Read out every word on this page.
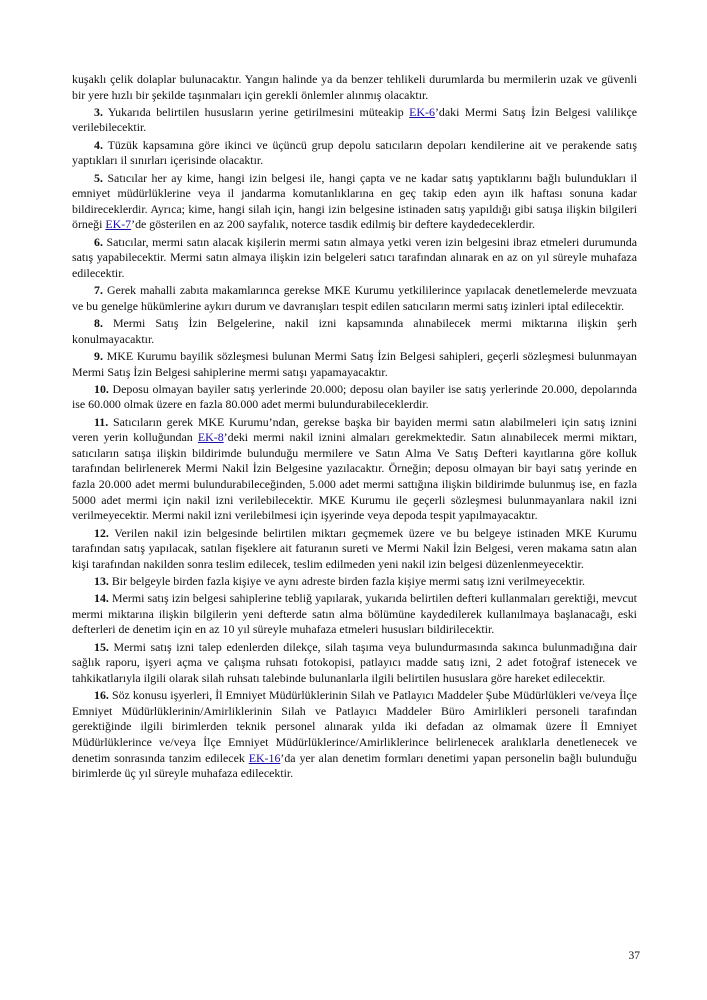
kuşaklı çelik dolaplar bulunacaktır. Yangın halinde ya da benzer tehlikeli durumlarda bu mermilerin uzak ve güvenli bir yere hızlı bir şekilde taşınmaları için gerekli önlemler alınmış olacaktır.

3. Yukarıda belirtilen hususların yerine getirilmesini müteakip EK-6’daki Mermi Satış İzin Belgesi valilikçe verilebilecektir.

4. Tüzük kapsamına göre ikinci ve üçüncü grup depolu satıcıların depoları kendilerine ait ve perakende satış yaptıkları il sınırları içerisinde olacaktır.

5. Satıcılar her ay kime, hangi izin belgesi ile, hangi çapta ve ne kadar satış yaptıklarını bağlı bulundukları il emniyet müdürlüklerine veya il jandarma komutanlıklarına en geç takip eden ayın ilk haftası sonuna kadar bildireceklerdir. Ayrıca; kime, hangi silah için, hangi izin belgesine istinaden satış yapıldığı gibi satışa ilişkin bilgileri örneği EK-7’de gösterilen en az 200 sayfalık, noterce tasdik edilmiş bir deftere kaydedeceklerdir.

6. Satıcılar, mermi satın alacak kişilerin mermi satın almaya yetki veren izin belgesini ibraz etmeleri durumunda satış yapabilecektir. Mermi satın almaya ilişkin izin belgeleri satıcı tarafından alınarak en az on yıl süreyle muhafaza edilecektir.

7. Gerek mahalli zabıta makamlarınca gerekse MKE Kurumu yetkililerince yapılacak denetlemelerde mevzuata ve bu genelge hükümlerine aykırı durum ve davranışları tespit edilen satıcıların mermi satış izinleri iptal edilecektir.

8. Mermi Satış İzin Belgelerine, nakil izni kapsamında alınabilecek mermi miktarına ilişkin şerh konulmayacaktır.

9. MKE Kurumu bayilik sözleşmesi bulunan Mermi Satış İzin Belgesi sahipleri, geçerli sözleşmesi bulunmayan Mermi Satış İzin Belgesi sahiplerine mermi satışı yapamayacaktır.

10. Deposu olmayan bayiler satış yerlerinde 20.000; deposu olan bayiler ise satış yerlerinde 20.000, depolarında ise 60.000 olmak üzere en fazla 80.000 adet mermi bulundurabileceklerdir.

11. Satıcıların gerek MKE Kurumu’ndan, gerekse başka bir bayiden mermi satın alabilmeleri için satış iznini veren yerin kolluğundan EK-8’deki mermi nakil iznini almaları gerekmektedir. Satın alınabilecek mermi miktarı, satıcıların satışa ilişkin bildirimde bulunduğu mermilere ve Satın Alma Ve Satış Defteri kayıtlarına göre kolluk tarafından belirlenerek Mermi Nakil İzin Belgesine yazılacaktır. Örneğin; deposu olmayan bir bayi satış yerinde en fazla 20.000 adet mermi bulundurabileceğinden, 5.000 adet mermi sattığına ilişkin bildirimde bulunmuş ise, en fazla 5000 adet mermi için nakil izni verilebilecektir. MKE Kurumu ile geçerli sözleşmesi bulunmayanlara nakil izni verilmeyecektir. Mermi nakil izni verilebilmesi için işyerinde veya depoda tespit yapılmayacaktır.

12. Verilen nakil izin belgesinde belirtilen miktarı geçmemek üzere ve bu belgeye istinaden MKE Kurumu tarafından satış yapılacak, satılan fişeklere ait faturanın sureti ve Mermi Nakil İzin Belgesi, veren makama satın alan kişi tarafından nakilden sonra teslim edilecek, teslim edilmeden yeni nakil izin belgesi düzenlenmeyecektir.

13. Bir belgeyle birden fazla kişiye ve aynı adreste birden fazla kişiye mermi satış izni verilmeyecektir.

14. Mermi satış izin belgesi sahiplerine tebliğ yapılarak, yukarıda belirtilen defteri kullanmaları gerektiği, mevcut mermi miktarına ilişkin bilgilerin yeni defterde satın alma bölümüne kaydedilerek kullanılmaya başlanacağı, eski defterleri de denetim için en az 10 yıl süreyle muhafaza etmeleri hususları bildirilecektir.

15. Mermi satış izni talep edenlerden dilekçe, silah taşıma veya bulundurmasında sakınca bulunmadığına dair sağlık raporu, işyeri açma ve çalışma ruhsatı fotokopisi, patlayıcı madde satış izni, 2 adet fotoğraf istenecek ve tahkikatlarıyla ilgili olarak silah ruhsatı talebinde bulunanlarla ilgili belirtilen hususlara göre hareket edilecektir.

16. Söz konusu işyerleri, İl Emniyet Müdürlüklerinin Silah ve Patlayıcı Maddeler Şube Müdürlükleri ve/veya İlçe Emniyet Müdürlüklerinin/Amirliklerinin Silah ve Patlayıcı Maddeler Büro Amirlikleri personeli tarafından gerektiğinde ilgili birimlerden teknik personel alınarak yılda iki defadan az olmamak üzere İl Emniyet Müdürlüklerince ve/veya İlçe Emniyet Müdürlüklerince/Amirliklerince belirlenecek aralıklarla denetlenecek ve denetim sonrasında tanzim edilecek EK-16’da yer alan denetim formları denetimi yapan personelin bağlı bulunduğu birimlerde üç yıl süreyle muhafaza edilecektir.

37
